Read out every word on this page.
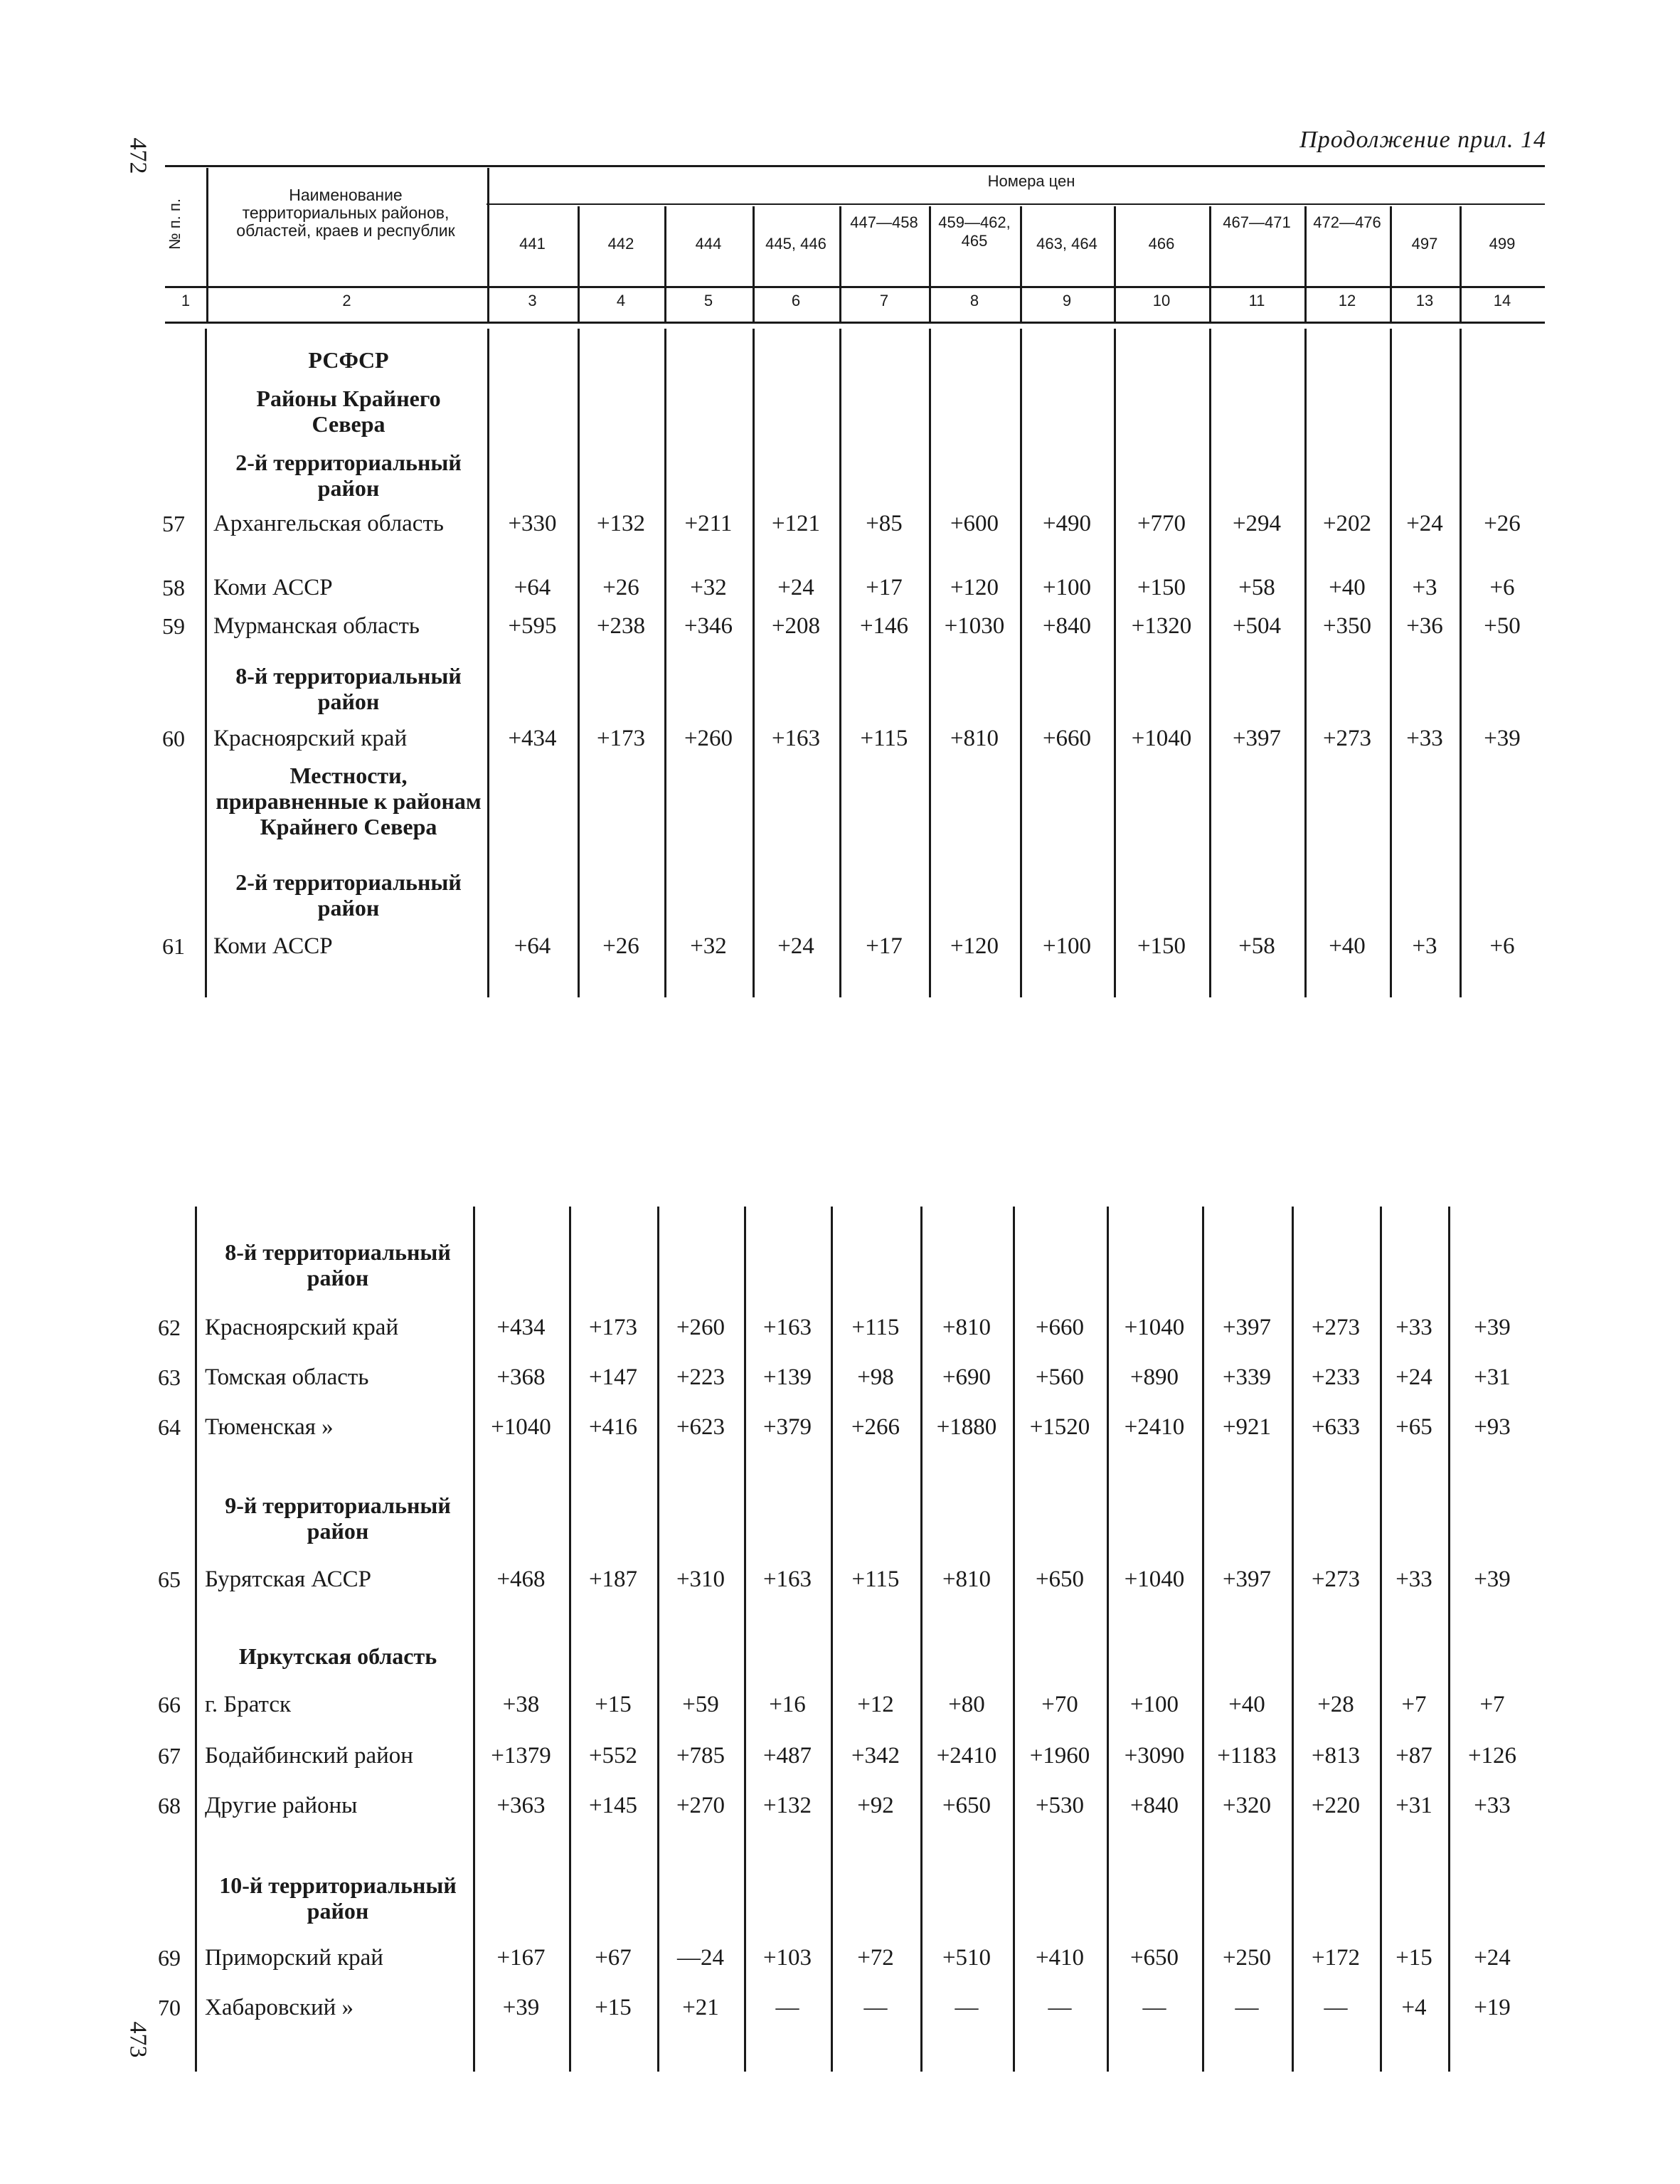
472
473
Продолжение прил. 14
№ п. п.
Наименование территориальных районов, областей, краев и республик
Номера цен
1	2	3	4	5	6	7	8	9	10	11	12	13	14
441	442	444	445, 446
447—458	459—462, 465	463, 464	466
467—471	472—476
497	499
РСФСР
Районы Крайнего Севера
2-й территориальный район
8-й территориальный район
Местности, приравненные к районам Крайнего Севера
2-й территориальный район
8-й территориальный район
9-й территориальный район
Иркутская область
10-й территориальный район
57 Архангельская область	+330	+132	+211	+121	+85	+600	+490	+770	+294	+202	+24	+26
58 Коми АССР	+64	+26	+32	+24	+17	+120	+100	+150	+58	+40	+3	+6
59 Мурманская область	+595	+238	+346	+208	+146	+1030	+840	+1320	+504	+350	+36	+50
60 Красноярский край	+434	+173	+260	+163	+115	+810	+660	+1040	+397	+273	+33	+39
61 Коми АССР	+64	+26	+32	+24	+17	+120	+100	+150	+58	+40	+3	+6
62 Красноярский край	+434	+173	+260	+163	+115	+810	+660	+1040	+397	+273	+33	+39
63 Томская область	+368	+147	+223	+139	+98	+690	+560	+890	+339	+233	+24	+31
64 Тюменская »	+1040	+416	+623	+379	+266	+1880	+1520	+2410	+921	+633	+65	+93
65 Бурятская АССР	+468	+187	+310	+163	+115	+810	+650	+1040	+397	+273	+33	+39
66 г. Братск	+38	+15	+59	+16	+12	+80	+70	+100	+40	+28	+7	+7
67 Бодайбинский район	+1379	+552	+785	+487	+342	+2410	+1960	+3090	+1183	+813	+87	+126
68 Другие районы	+363	+145	+270	+132	+92	+650	+530	+840	+320	+220	+31	+33
69 Приморский край	+167	+67	—24	+103	+72	+510	+410	+650	+250	+172	+15	+24
70 Хабаровский »	+39	+15	+21	—	—	—	—	—	—	—	+4	+19
